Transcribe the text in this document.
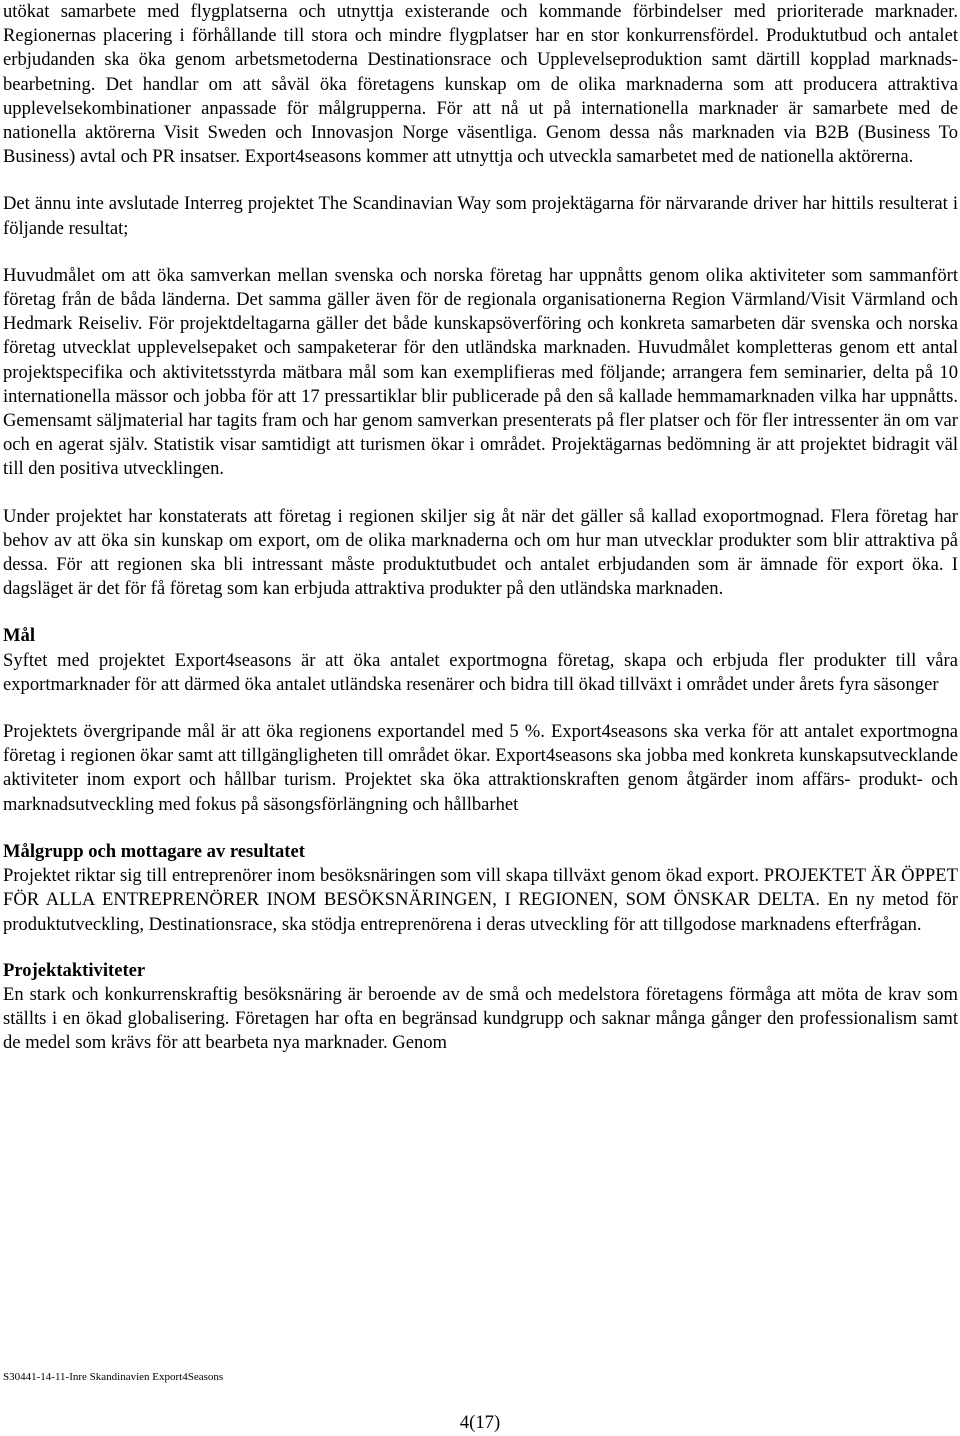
utökat samarbete med flygplatserna och utnyttja existerande och kommande förbindelser med prioriterade marknader. Regionernas placering i förhållande till stora och mindre flygplatser har en stor konkurrensfördel. Produktutbud och antalet erbjudanden ska öka genom arbetsmetoderna Destinationsrace och Upplevelseproduktion samt därtill kopplad marknads-bearbetning. Det handlar om att såväl öka företagens kunskap om de olika marknaderna som att producera attraktiva upplevelsekombinationer anpassade för målgrupperna. För att nå ut på internationella marknader är samarbete med de nationella aktörerna Visit Sweden och Innovasjon Norge väsentliga. Genom dessa nås marknaden via B2B (Business To Business) avtal och PR insatser. Export4seasons kommer att utnyttja och utveckla samarbetet med de nationella aktörerna.

Det ännu inte avslutade Interreg projektet The Scandinavian Way som projektägarna för närvarande driver har hittils resulterat i följande resultat;

Huvudmålet om att öka samverkan mellan svenska och norska företag har uppnåtts genom olika aktiviteter som sammanfört företag från de båda länderna. Det samma gäller även för de regionala organisationerna Region Värmland/Visit Värmland och Hedmark Reiseliv. För projektdeltagarna gäller det både kunskapsöverföring och konkreta samarbeten där svenska och norska företag utvecklat upplevelsepaket och sampaketerar för den utländska marknaden. Huvudmålet kompletteras genom ett antal projektspecifika och aktivitetsstyrda mätbara mål som kan exemplifieras med följande; arrangera fem seminarier, delta på 10 internationella mässor och jobba för att 17 pressartiklar blir publicerade på den så kallade hemmamarknaden vilka har uppnåtts. Gemensamt säljmaterial har tagits fram och har genom samverkan presenterats på fler platser och för fler intressenter än om var och en agerat själv. Statistik visar samtidigt att turismen ökar i området. Projektägarnas bedömning är att projektet bidragit väl till den positiva utvecklingen.

Under projektet har konstaterats att företag i regionen skiljer sig åt när det gäller så kallad exoportmognad. Flera företag har behov av att öka sin kunskap om export, om de olika marknaderna och om hur man utvecklar produkter som blir attraktiva på dessa. För att regionen ska bli intressant måste produktutbudet och antalet erbjudanden som är ämnade för export öka. I dagsläget är det för få företag som kan erbjuda attraktiva produkter på den utländska marknaden.

Mål

Syftet med projektet Export4seasons är att öka antalet exportmogna företag, skapa och erbjuda fler produkter till våra exportmarknader för att därmed öka antalet utländska resenärer och bidra till ökad tillväxt i området under årets fyra säsonger

Projektets övergripande mål är att öka regionens exportandel med 5 %. Export4seasons ska verka för att antalet exportmogna företag i regionen ökar samt att tillgängligheten till området ökar. Export4seasons ska jobba med konkreta kunskapsutvecklande aktiviteter inom export och hållbar turism. Projektet ska öka attraktionskraften genom åtgärder inom affärs- produkt- och marknadsutveckling med fokus på säsongsförlängning och hållbarhet

Målgrupp och mottagare av resultatet

Projektet riktar sig till entreprenörer inom besöksnäringen som vill skapa tillväxt genom ökad export. PROJEKTET ÄR ÖPPET FÖR ALLA ENTREPRENÖRER INOM BESÖKSNÄRINGEN, I REGIONEN, SOM ÖNSKAR DELTA. En ny metod för produktutveckling, Destinationsrace, ska stödja entreprenörena i deras utveckling för att tillgodose marknadens efterfrågan.

Projektaktiviteter

En stark och konkurrenskraftig besöksnäring är beroende av de små och medelstora företagens förmåga att möta de krav som ställts i en ökad globalisering. Företagen har ofta en begränsad kundgrupp och saknar många gånger den professionalism samt de medel som krävs för att bearbeta nya marknader. Genom

S30441-14-11-Inre Skandinavien Export4Seasons
4(17)
